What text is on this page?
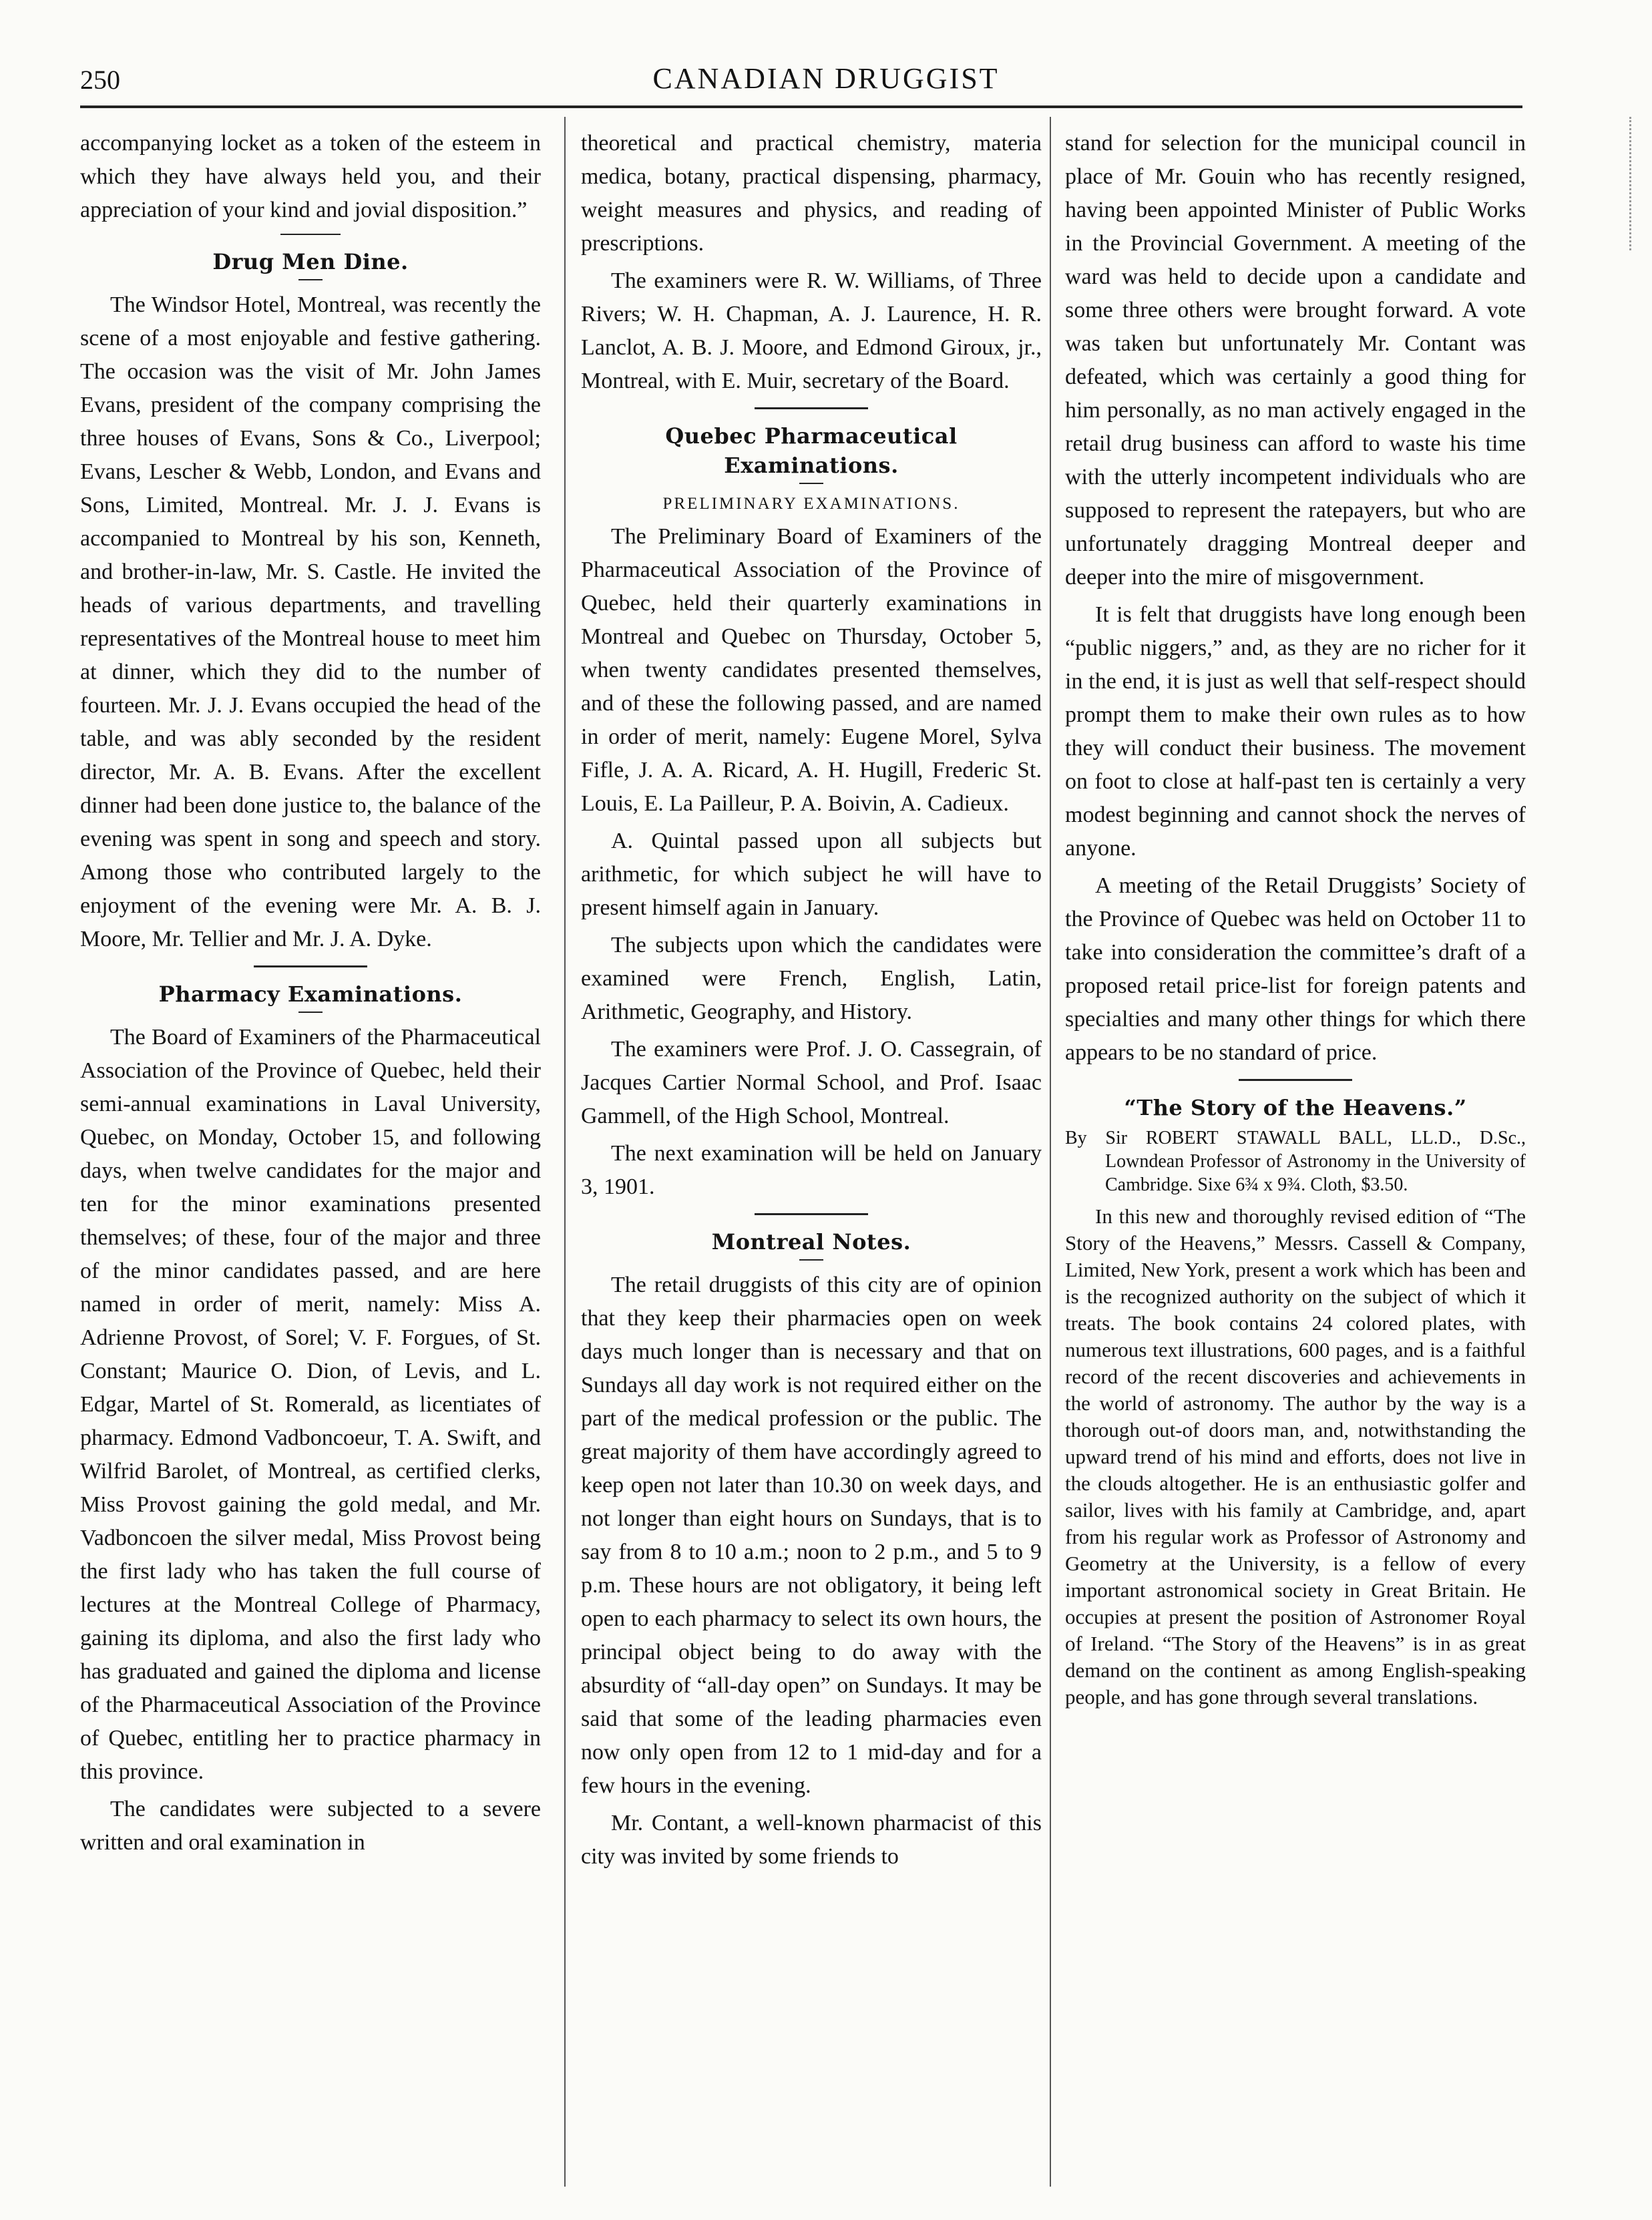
250	CANADIAN DRUGGIST

accompanying locket as a token of the esteem in which they have always held you, and their appreciation of your kind and jovial disposition.”

Drug Men Dine.

The Windsor Hotel, Montreal, was recently the scene of a most enjoyable and festive gathering. The occasion was the visit of Mr. John James Evans, president of the company comprising the three houses of Evans, Sons & Co., Liverpool; Evans, Lescher & Webb, London, and Evans and Sons, Limited, Montreal. Mr. J. J. Evans is accompanied to Montreal by his son, Kenneth, and brother-in-law, Mr. S. Castle. He invited the heads of various departments, and travelling representatives of the Montreal house to meet him at dinner, which they did to the number of fourteen. Mr. J. J. Evans occupied the head of the table, and was ably seconded by the resident director, Mr. A. B. Evans. After the excellent dinner had been done justice to, the balance of the evening was spent in song and speech and story. Among those who contributed largely to the enjoyment of the evening were Mr. A. B. J. Moore, Mr. Tellier and Mr. J. A. Dyke.

Pharmacy Examinations.

The Board of Examiners of the Pharmaceutical Association of the Province of Quebec, held their semi-annual examinations in Laval University, Quebec, on Monday, October 15, and following days, when twelve candidates for the major and ten for the minor examinations presented themselves; of these, four of the major and three of the minor candidates passed, and are here named in order of merit, namely: Miss A. Adrienne Provost, of Sorel; V. F. Forgues, of St. Constant; Maurice O. Dion, of Levis, and L. Edgar, Martel of St. Romerald, as licentiates of pharmacy. Edmond Vadboncoeur, T. A. Swift, and Wilfrid Barolet, of Montreal, as certified clerks, Miss Provost gaining the gold medal, and Mr. Vadboncoen the silver medal, Miss Provost being the first lady who has taken the full course of lectures at the Montreal College of Pharmacy, gaining its diploma, and also the first lady who has graduated and gained the diploma and license of the Pharmaceutical Association of the Province of Quebec, entitling her to practice pharmacy in this province.

The candidates were subjected to a severe written and oral examination in

theoretical and practical chemistry, materia medica, botany, practical dispensing, pharmacy, weight measures and physics, and reading of prescriptions.

The examiners were R. W. Williams, of Three Rivers; W. H. Chapman, A. J. Laurence, H. R. Lanclot, A. B. J. Moore, and Edmond Giroux, jr., Montreal, with E. Muir, secretary of the Board.

Quebec Pharmaceutical Examinations.
PRELIMINARY EXAMINATIONS.

The Preliminary Board of Examiners of the Pharmaceutical Association of the Province of Quebec, held their quarterly examinations in Montreal and Quebec on Thursday, October 5, when twenty candidates presented themselves, and of these the following passed, and are named in order of merit, namely: Eugene Morel, Sylva Fifle, J. A. A. Ricard, A. H. Hugill, Frederic St. Louis, E. La Pailleur, P. A. Boivin, A. Cadieux.

A. Quintal passed upon all subjects but arithmetic, for which subject he will have to present himself again in January.

The subjects upon which the candidates were examined were French, English, Latin, Arithmetic, Geography, and History.

The examiners were Prof. J. O. Cassegrain, of Jacques Cartier Normal School, and Prof. Isaac Gammell, of the High School, Montreal.

The next examination will be held on January 3, 1901.

Montreal Notes.

The retail druggists of this city are of opinion that they keep their pharmacies open on week days much longer than is necessary and that on Sundays all day work is not required either on the part of the medical profession or the public. The great majority of them have accordingly agreed to keep open not later than 10.30 on week days, and not longer than eight hours on Sundays, that is to say from 8 to 10 a.m.; noon to 2 p.m., and 5 to 9 p.m. These hours are not obligatory, it being left open to each pharmacy to select its own hours, the principal object being to do away with the absurdity of “all-day open” on Sundays. It may be said that some of the leading pharmacies even now only open from 12 to 1 mid-day and for a few hours in the evening.

Mr. Contant, a well-known pharmacist of this city was invited by some friends to

stand for selection for the municipal council in place of Mr. Gouin who has recently resigned, having been appointed Minister of Public Works in the Provincial Government. A meeting of the ward was held to decide upon a candidate and some three others were brought forward. A vote was taken but unfortunately Mr. Contant was defeated, which was certainly a good thing for him personally, as no man actively engaged in the retail drug business can afford to waste his time with the utterly incompetent individuals who are supposed to represent the ratepayers, but who are unfortunately dragging Montreal deeper and deeper into the mire of misgovernment.

It is felt that druggists have long enough been “public niggers,” and, as they are no richer for it in the end, it is just as well that self-respect should prompt them to make their own rules as to how they will conduct their business. The movement on foot to close at half-past ten is certainly a very modest beginning and cannot shock the nerves of anyone.

A meeting of the Retail Druggists’ Society of the Province of Quebec was held on October 11 to take into consideration the committee’s draft of a proposed retail price-list for foreign patents and specialties and many other things for which there appears to be no standard of price.

“The Story of the Heavens.”

By Sir ROBERT STAWALL BALL, LL.D., D.Sc., Lowndean Professor of Astronomy in the University of Cambridge. Sixe 6¾ x 9¾. Cloth, $3.50.

In this new and thoroughly revised edition of “The Story of the Heavens,” Messrs. Cassell & Company, Limited, New York, present a work which has been and is the recognized authority on the subject of which it treats. The book contains 24 colored plates, with numerous text illustrations, 600 pages, and is a faithful record of the recent discoveries and achievements in the world of astronomy. The author by the way is a thorough out-of doors man, and, notwithstanding the upward trend of his mind and efforts, does not live in the clouds altogether. He is an enthusiastic golfer and sailor, lives with his family at Cambridge, and, apart from his regular work as Professor of Astronomy and Geometry at the University, is a fellow of every important astronomical society in Great Britain. He occupies at present the position of Astronomer Royal of Ireland. “The Story of the Heavens” is in as great demand on the continent as among English-speaking people, and has gone through several translations.
